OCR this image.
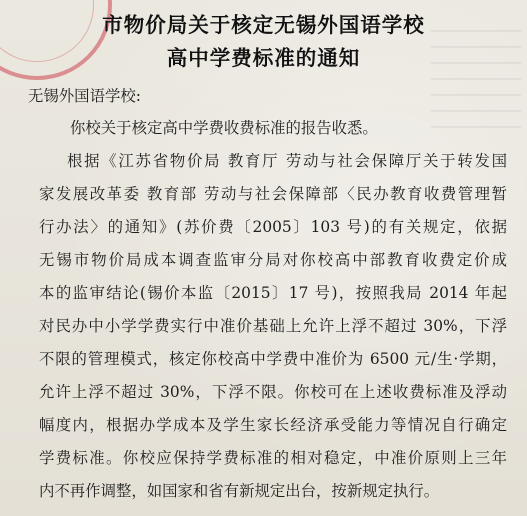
市物价局关于核定无锡外国语学校
高中学费标准的通知
无锡外国语学校:
你校关于核定高中学费收费标准的报告收悉。
根据《江苏省物价局 教育厅 劳动与社会保障厅关于转发国
家发展改革委 教育部 劳动与社会保障部〈民办教育收费管理暂
行办法〉的通知》(苏价费〔2005〕103 号)的有关规定，依据
无锡市物价局成本调查监审分局对你校高中部教育收费定价成
本的监审结论(锡价本监〔2015〕17 号)，按照我局 2014 年起
对民办中小学学费实行中准价基础上允许上浮不超过 30%，下浮
不限的管理模式，核定你校高中学费中准价为 6500 元/生·学期，
允许上浮不超过 30%，下浮不限。你校可在上述收费标准及浮动
幅度内，根据办学成本及学生家长经济承受能力等情况自行确定
学费标准。你校应保持学费标准的相对稳定，中准价原则上三年
内不再作调整，如国家和省有新规定出台，按新规定执行。
